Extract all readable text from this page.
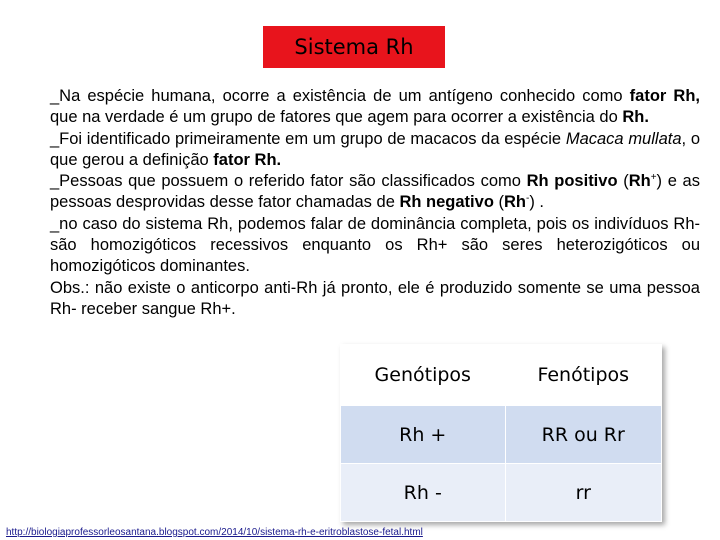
Sistema Rh

_Na espécie humana, ocorre a existência de um antígeno conhecido como fator Rh, que na verdade é um grupo de fatores que agem para ocorrer a existência do Rh.

_Foi identificado primeiramente em um grupo de macacos da espécie Macaca mullata, o que gerou a definição fator Rh.

_Pessoas que possuem o referido fator são classificados como Rh positivo (Rh+) e as pessoas desprovidas desse fator chamadas de Rh negativo (Rh-) .

_no caso do sistema Rh, podemos falar de dominância completa, pois os indivíduos Rh- são homozigóticos recessivos enquanto os Rh+ são seres heterozigóticos ou homozigóticos dominantes.

Obs.: não existe o anticorpo anti-Rh já pronto, ele é produzido somente se uma pessoa Rh- receber sangue Rh+.

Genótipos	Fenótipos
Rh +	RR ou Rr
Rh -	rr
http://biologiaprofessorleosantana.blogspot.com/2014/10/sistema-rh-e-eritroblastose-fetal.html
